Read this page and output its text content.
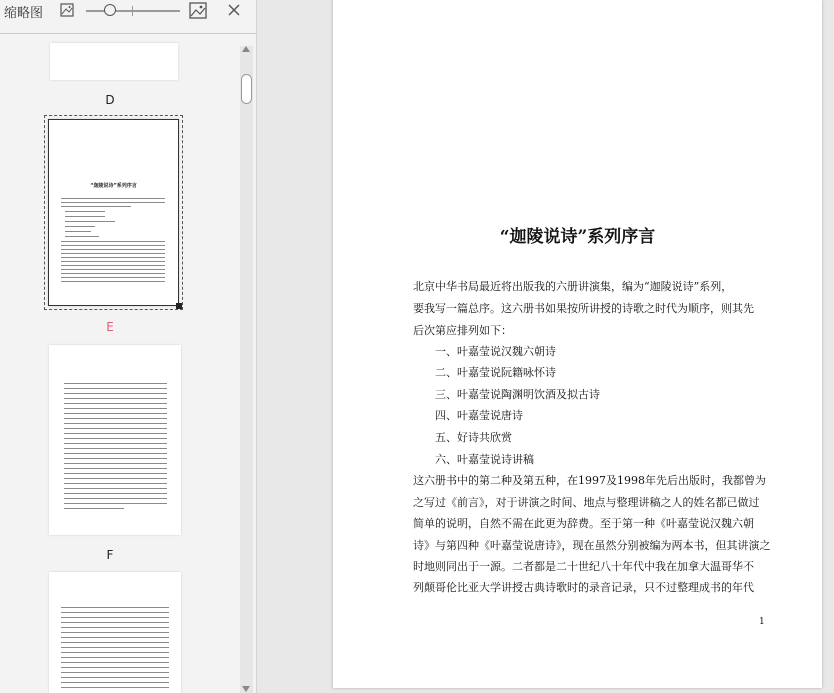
缩略图
D
“迦陵说诗”系列序言
E
F
“迦陵说诗”系列序言
北京中华书局最近将出版我的六册讲演集，编为“迦陵说诗”系列，
要我写一篇总序。这六册书如果按所讲授的诗歌之时代为顺序，则其先
后次第应排列如下：
一、叶嘉莹说汉魏六朝诗
二、叶嘉莹说阮籍咏怀诗
三、叶嘉莹说陶渊明饮酒及拟古诗
四、叶嘉莹说唐诗
五、好诗共欣赏
六、叶嘉莹说诗讲稿
这六册书中的第二种及第五种，在1997及1998年先后出版时，我都曾为
之写过《前言》，对于讲演之时间、地点与整理讲稿之人的姓名都已做过
简单的说明，自然不需在此更为辞费。至于第一种《叶嘉莹说汉魏六朝
诗》与第四种《叶嘉莹说唐诗》，现在虽然分别被编为两本书，但其讲演之
时地则同出于一源。二者都是二十世纪八十年代中我在加拿大温哥华不
列颠哥伦比亚大学讲授古典诗歌时的录音记录，只不过整理成书的年代
1
